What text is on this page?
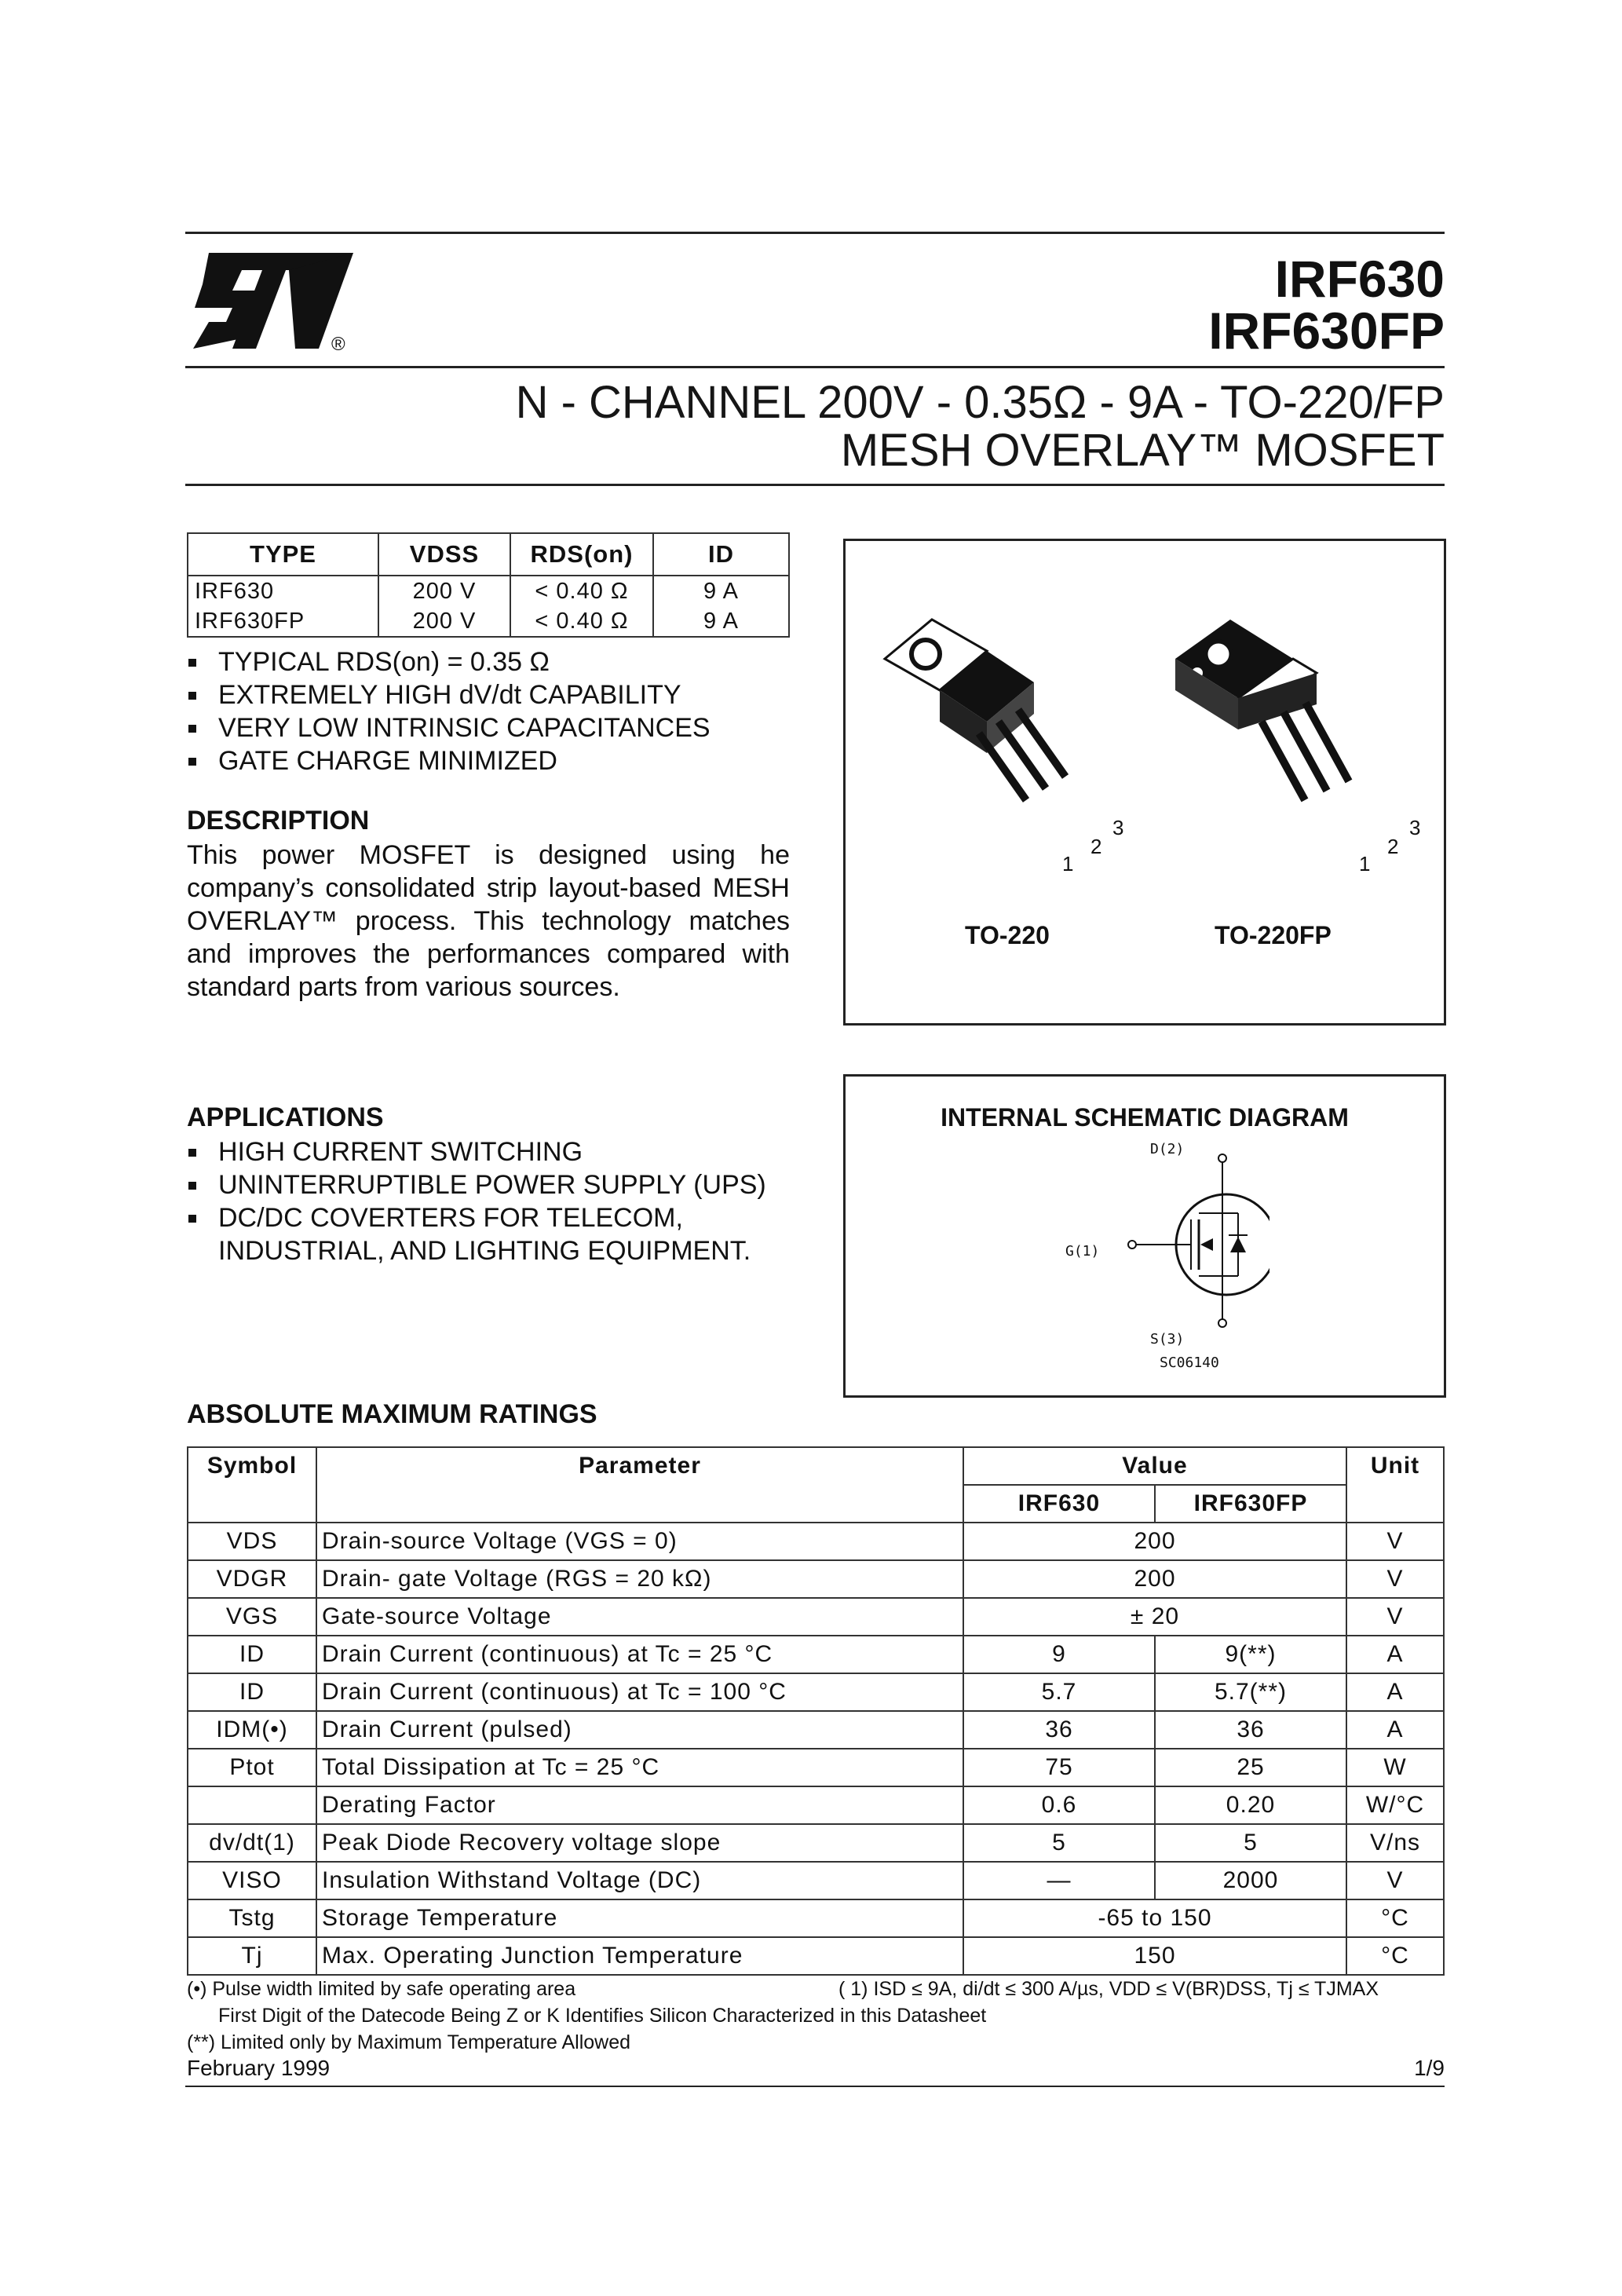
®
IRF630
IRF630FP
N - CHANNEL 200V - 0.35Ω - 9A - TO-220/FP
MESH OVERLAY™ MOSFET
TYPE	VDSS	RDS(on)	ID
IRF630	200 V	< 0.40 Ω	9 A
IRF630FP	200 V	< 0.40 Ω	9 A
TYPICAL RDS(on) = 0.35 Ω
EXTREMELY HIGH dV/dt CAPABILITY
VERY LOW INTRINSIC CAPACITANCES
GATE CHARGE MINIMIZED
DESCRIPTION
This power MOSFET is designed using he company’s consolidated strip layout-based MESH OVERLAY™ process. This technology matches and improves the performances compared with standard parts from various sources.
1
2
3
1
2
3
TO-220	TO-220FP
APPLICATIONS
HIGH CURRENT SWITCHING
UNINTERRUPTIBLE POWER SUPPLY (UPS)
DC/DC COVERTERS FOR TELECOM,
INDUSTRIAL, AND LIGHTING EQUIPMENT.
INTERNAL SCHEMATIC DIAGRAM
D(2)
G(1)
S(3)
SC06140
ABSOLUTE MAXIMUM RATINGS
Symbol	Parameter	Value		Unit
		IRF630	IRF630FP	
VDS	Drain-source Voltage (VGS = 0)	200		V
VDGR	Drain- gate Voltage (RGS = 20 kΩ)	200		V
VGS	Gate-source Voltage	± 20		V
ID	Drain Current (continuous) at Tc = 25 °C	9	9(**)	A
ID	Drain Current (continuous) at Tc = 100 °C	5.7	5.7(**)	A
IDM(•)	Drain Current (pulsed)	36	36	A
Ptot	Total Dissipation at Tc = 25 °C	75	25	W
	Derating Factor	0.6	0.20	W/°C
dv/dt(1)	Peak Diode Recovery voltage slope	5	5	V/ns
VISO	Insulation Withstand Voltage (DC)	—	2000	V
Tstg	Storage Temperature	-65 to 150		°C
Tj	Max. Operating Junction Temperature	150		°C
(•) Pulse width limited by safe operating area	( 1) ISD ≤ 9A, di/dt ≤ 300 A/µs, VDD ≤ V(BR)DSS, Tj ≤ TJMAX
First Digit of the Datecode Being Z or K Identifies Silicon Characterized in this Datasheet
(**) Limited only by Maximum Temperature Allowed
February 1999	1/9
